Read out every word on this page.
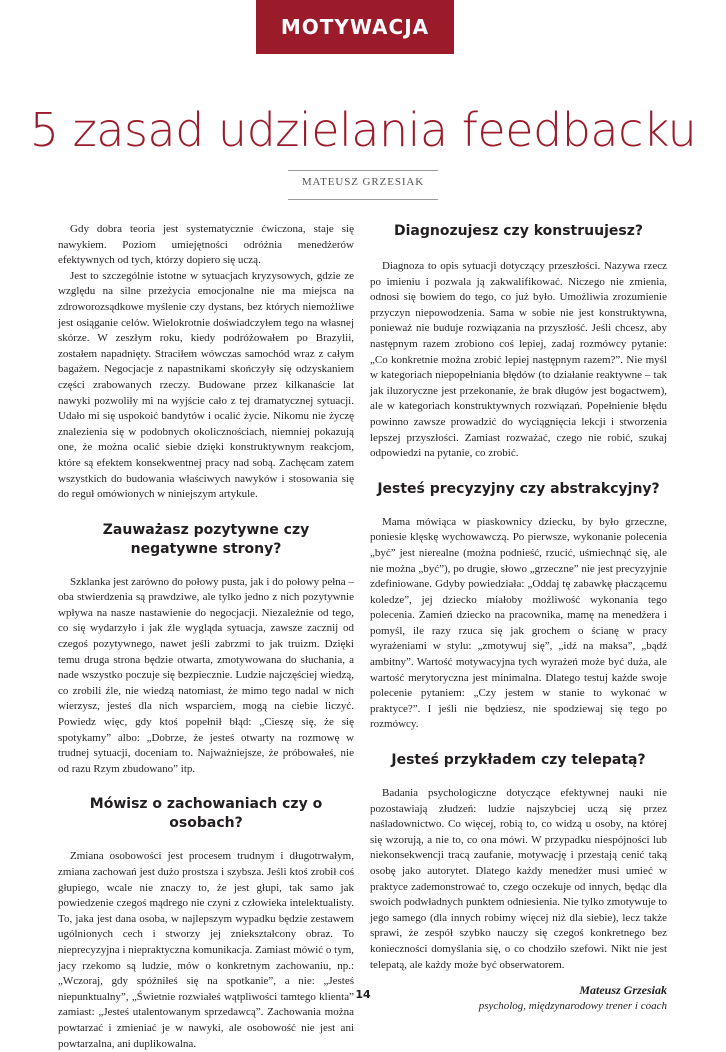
MOTYWACJA
5 zasad udzielania feedbacku
MATEUSZ GRZESIAK

Gdy dobra teoria jest systematycznie ćwiczona, staje się nawykiem. Poziom umiejętności odróżnia menedżerów efektywnych od tych, którzy dopiero się uczą.

Jest to szczególnie istotne w sytuacjach kryzysowych, gdzie ze względu na silne przeżycia emocjonalne nie ma miejsca na zdroworozsądkowe myślenie czy dystans, bez których niemożliwe jest osiąganie celów. Wielokrotnie doświadczyłem tego na własnej skórze. W zeszłym roku, kiedy podróżowałem po Brazylii, zostałem napadnięty. Straciłem wówczas samochód wraz z całym bagażem. Negocjacje z napastnikami skończyły się odzyskaniem części zrabowanych rzeczy. Budowane przez kilkanaście lat nawyki pozwoliły mi na wyjście cało z tej dramatycznej sytuacji. Udało mi się uspokoić bandytów i ocalić życie. Nikomu nie życzę znalezienia się w podobnych okolicznościach, niemniej pokazują one, że można ocalić siebie dzięki konstruktywnym reakcjom, które są efektem konsekwentnej pracy nad sobą. Zachęcam zatem wszystkich do budowania właściwych nawyków i stosowania się do reguł omówionych w niniejszym artykule.

Zauważasz pozytywne czy negatywne strony?

Szklanka jest zarówno do połowy pusta, jak i do połowy pełna – oba stwierdzenia są prawdziwe, ale tylko jedno z nich pozytywnie wpływa na nasze nastawienie do negocjacji. Niezależnie od tego, co się wydarzyło i jak źle wygląda sytuacja, zawsze zacznij od czegoś pozytywnego, nawet jeśli zabrzmi to jak truizm. Dzięki temu druga strona będzie otwarta, zmotywowana do słuchania, a nade wszystko poczuje się bezpiecznie. Ludzie najczęściej wiedzą, co zrobili źle, nie wiedzą natomiast, że mimo tego nadal w nich wierzysz, jesteś dla nich wsparciem, mogą na ciebie liczyć. Powiedz więc, gdy ktoś popełnił błąd: „Cieszę się, że się spotykamy” albo: „Dobrze, że jesteś otwarty na rozmowę w trudnej sytuacji, doceniam to. Najważniejsze, że próbowałeś, nie od razu Rzym zbudowano” itp.

Mówisz o zachowaniach czy o osobach?

Zmiana osobowości jest procesem trudnym i długotrwałym, zmiana zachowań jest dużo prostsza i szybsza. Jeśli ktoś zrobił coś głupiego, wcale nie znaczy to, że jest głupi, tak samo jak powiedzenie czegoś mądrego nie czyni z człowieka intelektualisty. To, jaka jest dana osoba, w najlepszym wypadku będzie zestawem ugólnionych cech i stworzy jej zniekształcony obraz. To nieprecyzyjna i niepraktyczna komunikacja. Zamiast mówić o tym, jacy rzekomo są ludzie, mów o konkretnym zachowaniu, np.: „Wczoraj, gdy spóźniłeś się na spotkanie”, a nie: „Jesteś niepunktualny”, „Świetnie rozwiałeś wątpliwości tamtego klienta” zamiast: „Jesteś utalentowanym sprzedawcą”. Zachowania można powtarzać i zmieniać je w nawyki, ale osobowość nie jest ani powtarzalna, ani duplikowalna.

Diagnozujesz czy konstruujesz?

Diagnoza to opis sytuacji dotyczący przeszłości. Nazywa rzecz po imieniu i pozwala ją zakwalifikować. Niczego nie zmienia, odnosi się bowiem do tego, co już było. Umożliwia zrozumienie przyczyn niepowodzenia. Sama w sobie nie jest konstruktywna, ponieważ nie buduje rozwiązania na przyszłość. Jeśli chcesz, aby następnym razem zrobiono coś lepiej, zadaj rozmówcy pytanie: „Co konkretnie można zrobić lepiej następnym razem?”. Nie myśl w kategoriach niepopełniania błędów (to działanie reaktywne – tak jak iluzoryczne jest przekonanie, że brak długów jest bogactwem), ale w kategoriach konstruktywnych rozwiązań. Popełnienie błędu powinno zawsze prowadzić do wyciągnięcia lekcji i stworzenia lepszej przyszłości. Zamiast rozważać, czego nie robić, szukaj odpowiedzi na pytanie, co zrobić.

Jesteś precyzyjny czy abstrakcyjny?

Mama mówiąca w piaskownicy dziecku, by było grzeczne, poniesie klęskę wychowawczą. Po pierwsze, wykonanie polecenia „być” jest nierealne (można podnieść, rzucić, uśmiechnąć się, ale nie można „być”), po drugie, słowo „grzeczne” nie jest precyzyjnie zdefiniowane. Gdyby powiedziała: „Oddaj tę zabawkę płaczącemu koledze”, jej dziecko miałoby możliwość wykonania tego polecenia. Zamień dziecko na pracownika, mamę na menedżera i pomyśl, ile razy rzuca się jak grochem o ścianę w pracy wyrażeniami w stylu: „zmotywuj się”, „idź na maksa”, „bądź ambitny”. Wartość motywacyjna tych wyrażeń może być duża, ale wartość merytoryczna jest minimalna. Dlatego testuj każde swoje polecenie pytaniem: „Czy jestem w stanie to wykonać w praktyce?”. I jeśli nie będziesz, nie spodziewaj się tego po rozmówcy.

Jesteś przykładem czy telepatą?

Badania psychologiczne dotyczące efektywnej nauki nie pozostawiają złudzeń: ludzie najszybciej uczą się przez naśladownictwo. Co więcej, robią to, co widzą u osoby, na której się wzorują, a nie to, co ona mówi. W przypadku niespójności lub niekonsekwencji tracą zaufanie, motywację i przestają cenić taką osobę jako autorytet. Dlatego każdy menedżer musi umieć w praktyce zademonstrować to, czego oczekuje od innych, będąc dla swoich podwładnych punktem odniesienia. Nie tylko zmotywuje to jego samego (dla innych robimy więcej niż dla siebie), lecz także sprawi, że zespół szybko nauczy się czegoś konkretnego bez konieczności domyślania się, o co chodziło szefowi. Nikt nie jest telepatą, ale każdy może być obserwatorem.

Mateusz Grzesiak
psycholog, międzynarodowy trener i coach
14
